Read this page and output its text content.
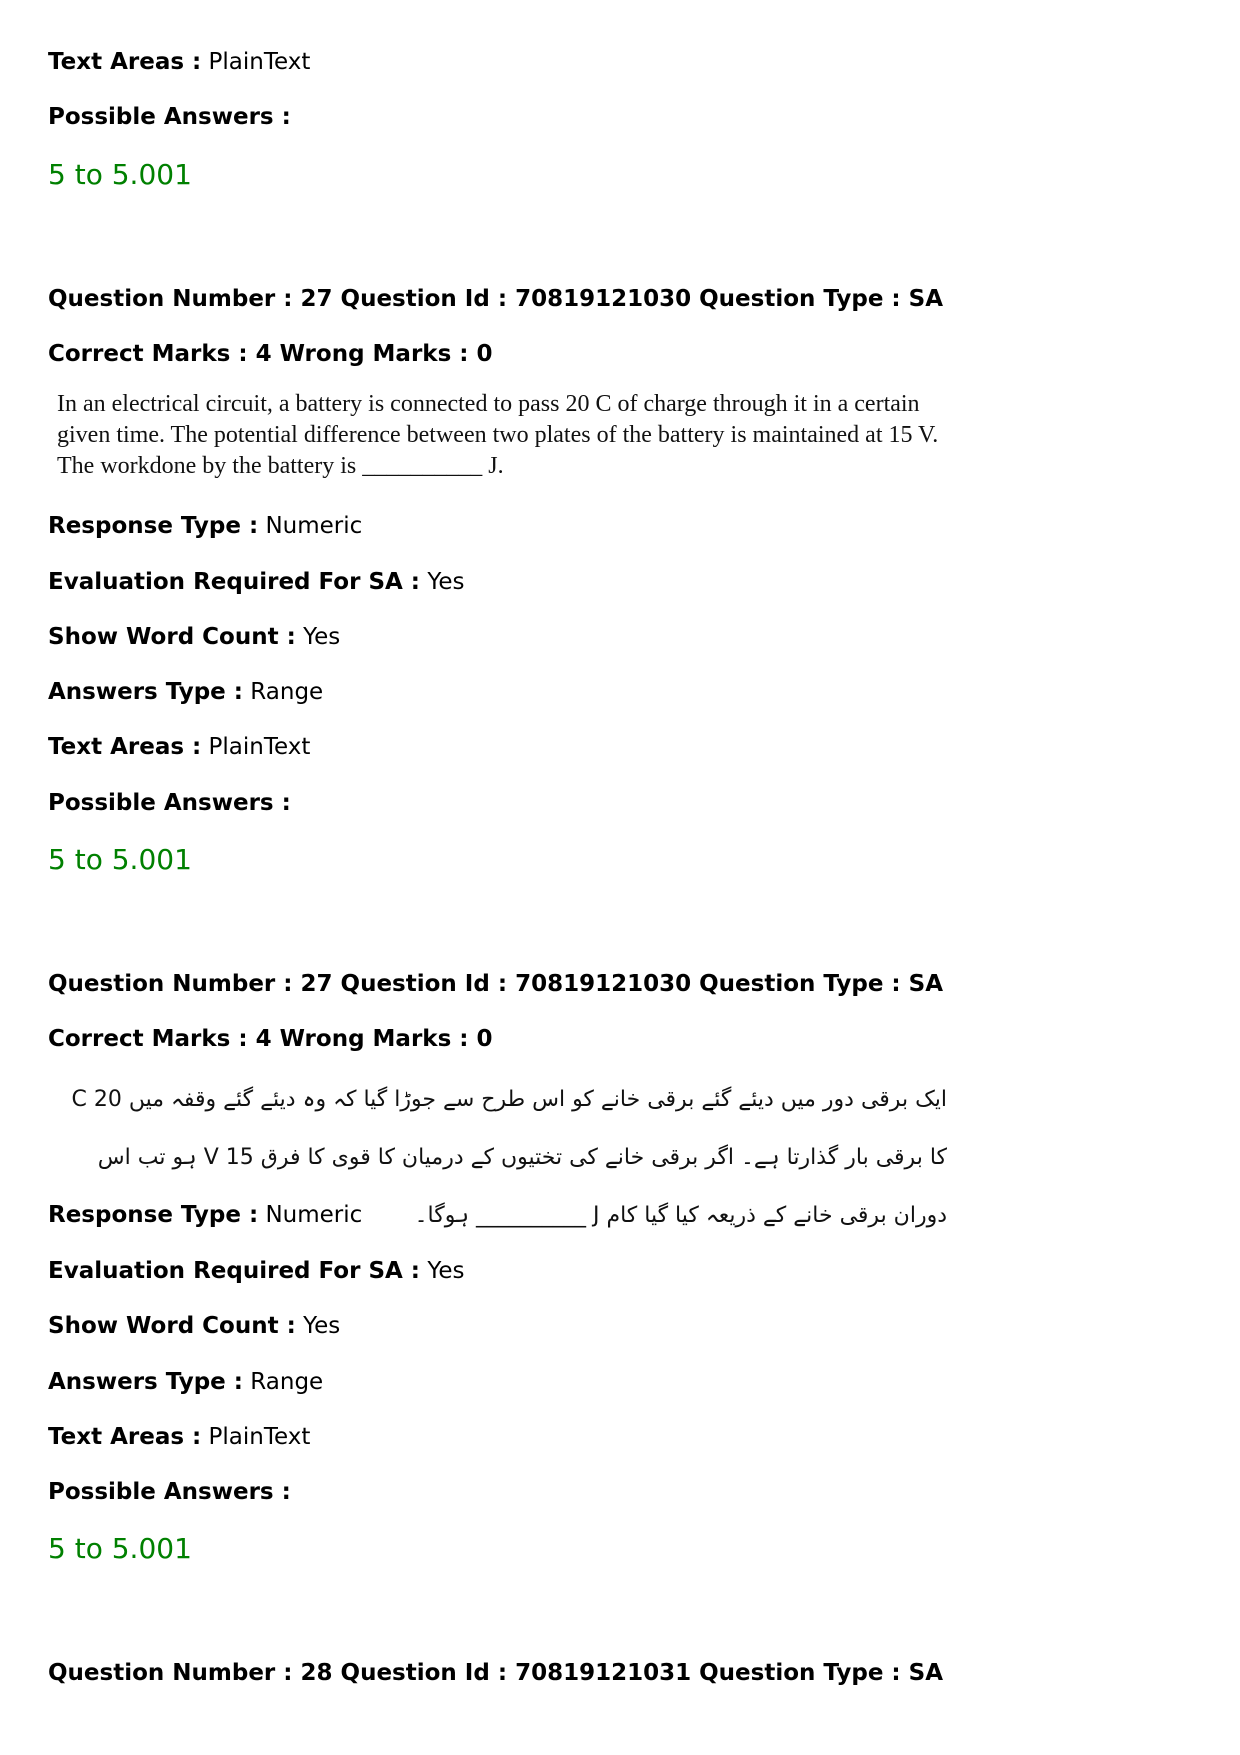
Text Areas : PlainText
Possible Answers :
5 to 5.001
Question Number : 27 Question Id : 70819121030 Question Type : SA
Correct Marks : 4 Wrong Marks : 0
In an electrical circuit, a battery is connected to pass 20 C of charge through it in a certain given time. The potential difference between two plates of the battery is maintained at 15 V. The workdone by the battery is __________ J.
Response Type : Numeric
Evaluation Required For SA : Yes
Show Word Count : Yes
Answers Type : Range
Text Areas : PlainText
Possible Answers :
5 to 5.001
Question Number : 27 Question Id : 70819121030 Question Type : SA
Correct Marks : 4 Wrong Marks : 0
ایک برقی دور میں دیئے گئے برقی خانے کو اس طرح سے جوڑا گیا کہ وہ دیئے گئے وقفہ میں 20 C کا برقی بار گذارتا ہے۔ اگر برقی خانے کی تختیوں کے درمیان کا قوی کا فرق 15 V ہو تب اس دوران برقی خانے کے ذریعہ کیا گیا کام J __________ ہوگا۔
Response Type : Numeric
Evaluation Required For SA : Yes
Show Word Count : Yes
Answers Type : Range
Text Areas : PlainText
Possible Answers :
5 to 5.001
Question Number : 28 Question Id : 70819121031 Question Type : SA
